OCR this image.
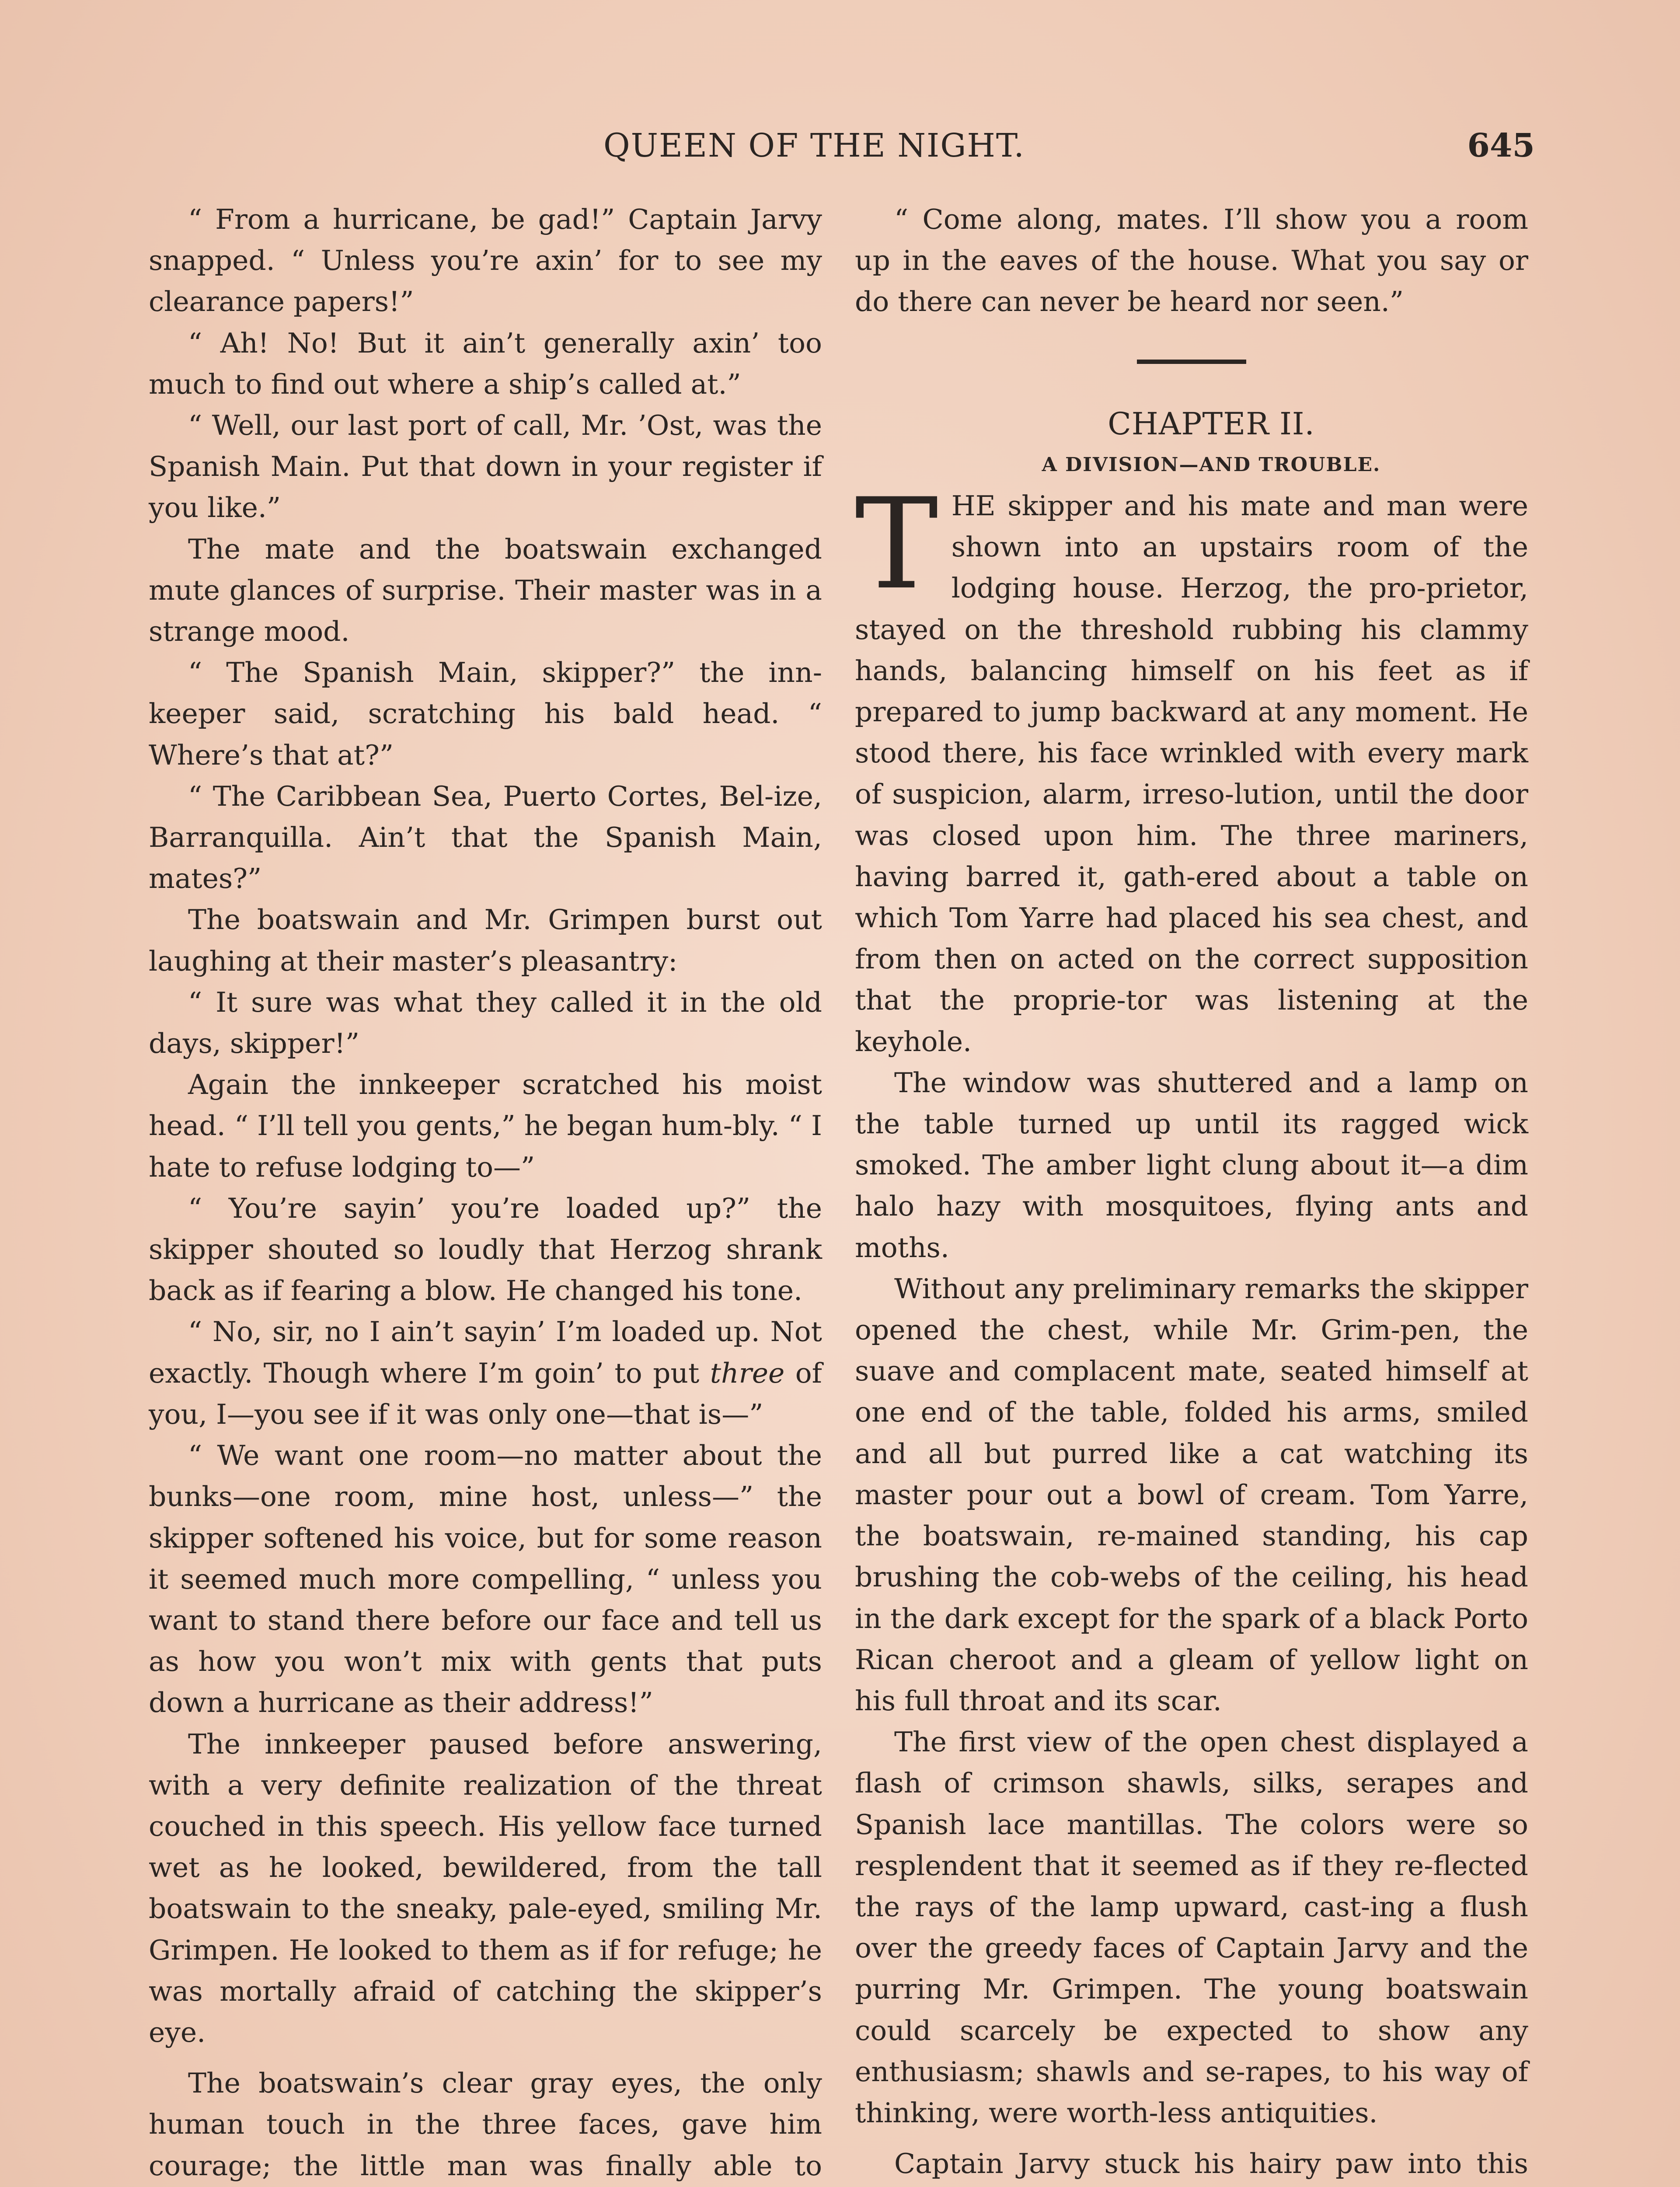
QUEEN OF THE NIGHT.	645

“ From a hurricane, be gad!” Captain Jarvy snapped. “ Unless you’re axin’ for to see my clearance papers!”

“ Ah! No! But it ain’t generally axin’ too much to find out where a ship’s called at.”

“ Well, our last port of call, Mr. ’Ost, was the Spanish Main. Put that down in your register if you like.”

The mate and the boatswain exchanged mute glances of surprise. Their master was in a strange mood.

“ The Spanish Main, skipper?” the inn-keeper said, scratching his bald head. “ Where’s that at?”

“ The Caribbean Sea, Puerto Cortes, Bel-ize, Barranquilla. Ain’t that the Spanish Main, mates?”

The boatswain and Mr. Grimpen burst out laughing at their master’s pleasantry:

“ It sure was what they called it in the old days, skipper!”

Again the innkeeper scratched his moist head. “ I’ll tell you gents,” he began hum-bly. “ I hate to refuse lodging to—”

“ You’re sayin’ you’re loaded up?” the skipper shouted so loudly that Herzog shrank back as if fearing a blow. He changed his tone.

“ No, sir, no I ain’t sayin’ I’m loaded up. Not exactly. Though where I’m goin’ to put three of you, I—you see if it was only one—that is—”

“ We want one room—no matter about the bunks—one room, mine host, unless—” the skipper softened his voice, but for some reason it seemed much more compelling, “ unless you want to stand there before our face and tell us as how you won’t mix with gents that puts down a hurricane as their address!”

The innkeeper paused before answering, with a very definite realization of the threat couched in this speech. His yellow face turned wet as he looked, bewildered, from the tall boatswain to the sneaky, pale-eyed, smiling Mr. Grimpen. He looked to them as if for refuge; he was mortally afraid of catching the skipper’s eye.

The boatswain’s clear gray eyes, the only human touch in the three faces, gave him courage; the little man was finally able to

“ Come along, mates. I’ll show you a room up in the eaves of the house. What you say or do there can never be heard nor seen.”

CHAPTER II.

A DIVISION—AND TROUBLE.

THE skipper and his mate and man were shown into an upstairs room of the lodging house. Herzog, the pro-prietor, stayed on the threshold rubbing his clammy hands, balancing himself on his feet as if prepared to jump backward at any moment. He stood there, his face wrinkled with every mark of suspicion, alarm, irreso-lution, until the door was closed upon him. The three mariners, having barred it, gath-ered about a table on which Tom Yarre had placed his sea chest, and from then on acted on the correct supposition that the proprie-tor was listening at the keyhole.

The window was shuttered and a lamp on the table turned up until its ragged wick smoked. The amber light clung about it—a dim halo hazy with mosquitoes, flying ants and moths.

Without any preliminary remarks the skipper opened the chest, while Mr. Grim-pen, the suave and complacent mate, seated himself at one end of the table, folded his arms, smiled and all but purred like a cat watching its master pour out a bowl of cream. Tom Yarre, the boatswain, re-mained standing, his cap brushing the cob-webs of the ceiling, his head in the dark except for the spark of a black Porto Rican cheroot and a gleam of yellow light on his full throat and its scar.

The first view of the open chest displayed a flash of crimson shawls, silks, serapes and Spanish lace mantillas. The colors were so resplendent that it seemed as if they re-flected the rays of the lamp upward, cast-ing a flush over the greedy faces of Captain Jarvy and the purring Mr. Grimpen. The young boatswain could scarcely be expected to show any enthusiasm; shawls and se-rapes, to his way of thinking, were worth-less antiquities.

Captain Jarvy stuck his hairy paw into this
